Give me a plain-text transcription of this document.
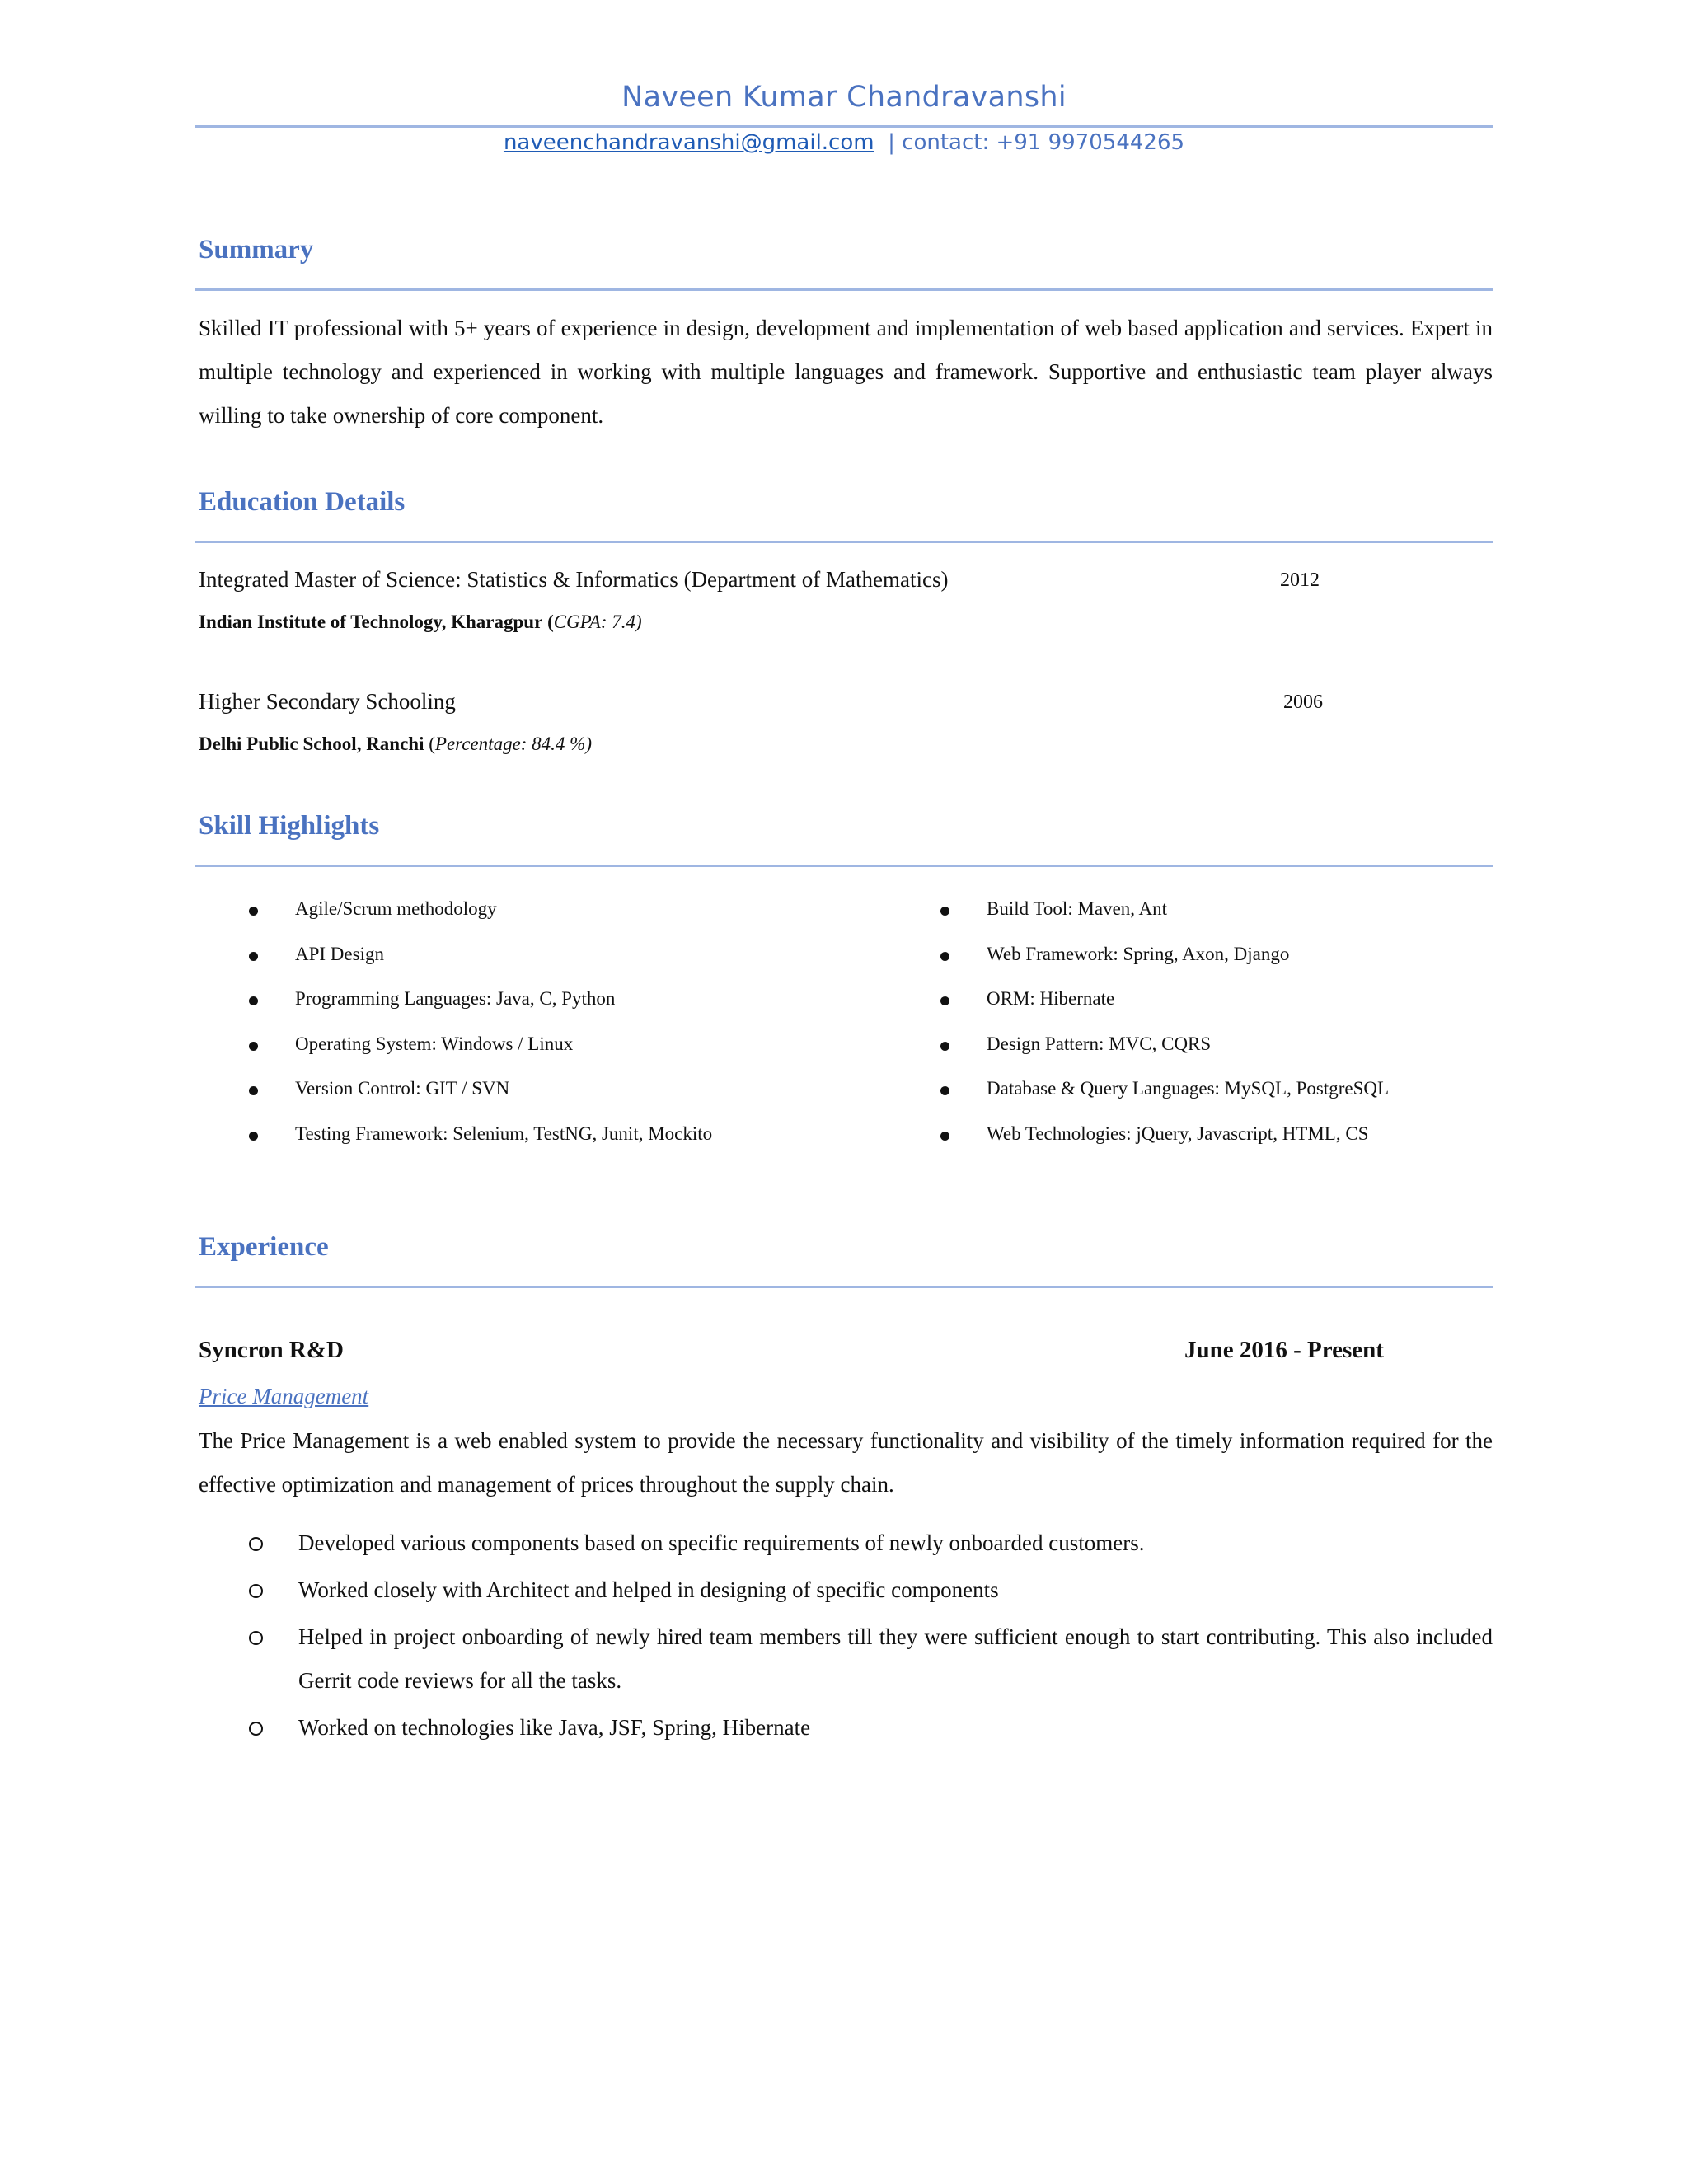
Naveen Kumar Chandravanshi
naveenchandravanshi@gmail.com | contact: +91 9970544265
Summary

Skilled IT professional with 5+ years of experience in design, development and implementation of web based application and services. Expert in multiple technology and experienced in working with multiple languages and framework. Supportive and enthusiastic team player always willing to take ownership of core component.

Education Details
Integrated Master of Science: Statistics & Informatics (Department of Mathematics)	2012
Indian Institute of Technology, Kharagpur (CGPA: 7.4)
Higher Secondary Schooling	2006
Delhi Public School, Ranchi (Percentage: 84.4 %)
Skill Highlights
Agile/Scrum methodology
API Design
Programming Languages: Java, C, Python
Operating System: Windows / Linux
Version Control: GIT / SVN
Testing Framework: Selenium, TestNG, Junit, Mockito
Build Tool: Maven, Ant
Web Framework: Spring, Axon, Django
ORM: Hibernate
Design Pattern: MVC, CQRS
Database & Query Languages: MySQL, PostgreSQL
Web Technologies: jQuery, Javascript, HTML, CS
Experience
Syncron R&D	June 2016 - Present
Price Management

The Price Management is a web enabled system to provide the necessary functionality and visibility of the timely information required for the effective optimization and management of prices throughout the supply chain.

Developed various components based on specific requirements of newly onboarded customers.
Worked closely with Architect and helped in designing of specific components
Helped in project onboarding of newly hired team members till they were sufficient enough to start contributing. This also included Gerrit code reviews for all the tasks.
Worked on technologies like Java, JSF, Spring, Hibernate
